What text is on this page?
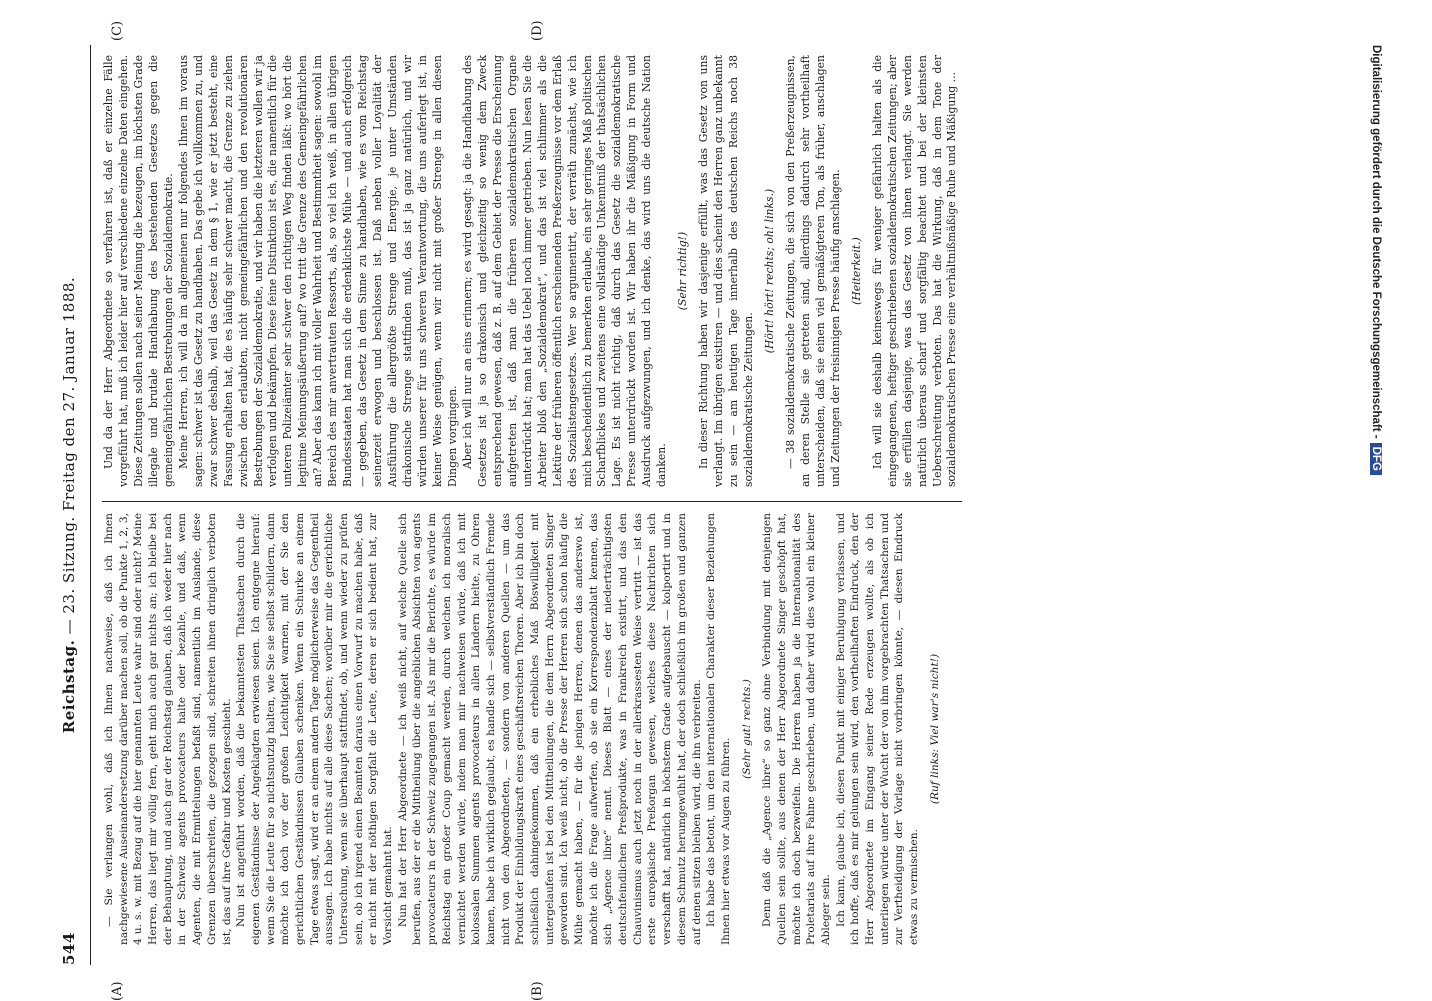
544
Reichstag. — 23. Sitzung. Freitag den 27. Januar 1888.
(A)	(B)
(C)	(D)

— Sie verlangen wohl, daß ich Ihnen nachweise, daß ich Ihnen nachgewiesene Auseinandersetzung darüber machen soll, ob die Punkte 1, 2, 3, 4 u. s. w. mit Bezug auf die hier genannten Leute wahr sind oder nicht? Meine Herren, das liegt mir völlig fern, geht mich auch gar nichts an; ich bleibe bei der Behauptung, und auch gar der Reichstag glauben, daß ich weder hier nach in der Schweiz agents provocateurs halte oder bezahle, und daß, wenn Agenten, die mit Ermittelungen befaßt sind, namentlich im Auslande, diese Grenzen überschreiten, die gezogen sind, schreiten ihnen dringlich verboten ist, das auf ihre Gefahr und Kosten geschieht. Nun ist angeführt worden, daß die bekanntesten Thatsachen durch die eigenen Geständnisse der Angeklagten erwiesen seien. Ich entgegne hierauf: wenn Sie die Leute für so nichtsnutzig halten, wie Sie sie selbst schildern, dann möchte ich doch vor der großen Leichtigkeit warnen, mit der Sie den gerichtlichen Geständnissen Glauben schenken. Wenn ein Schurke an einem Tage etwas sagt, wird er an einem andern Tage möglicherweise das Gegentheil aussagen. Ich habe nichts auf alle diese Sachen; worüber mir die gerichtliche Untersuchung, wenn sie überhaupt stattfindet, ob, und wenn wieder zu prüfen sein, ob ich irgend einen Beamten daraus einen Vorwurf zu machen habe, daß er nicht mit der nöthigen Sorgfalt die Leute, deren er sich bedient hat, zur Vorsicht gemahnt hat. Nun hat der Herr Abgeordnete — ich weiß nicht, auf welche Quelle sich berufen, aus der er die Mittheilung über die angeblichen Absichten von agents provocateurs in der Schweiz zugegangen ist. Als mir die Berichte, es würde im Reichstag ein großer Coup gemacht werden, durch welchen ich moralisch vernichtet werden würde, indem man mir nachweisen würde, daß ich mit kolossalen Summen agents provocateurs in allen Ländern hielte, zu Ohren kamen, habe ich wirklich geglaubt, es handle sich — selbstverständlich Fremde nicht von den Abgeordneten, — sondern von anderen Quellen — um das Produkt der Einbildungskraft eines geschäftsreichen Thoren. Aber ich bin doch schließlich dahingekommen, daß ein erhebliches Maß Böswilligkeit mit untergelaufen ist bei den Mittheilungen, die dem Herrn Abgeordneten Singer geworden sind. Ich weiß nicht, ob die Presse der Herren sich schon häufig die Mühe gemacht haben, — für die jenigen Herren, denen das anderswo ist, möchte ich die Frage aufwerfen, ob sie ein Korrespondenzblatt kennen, das sich „Agence libre“ nennt. Dieses Blatt — eines der niederträchtigsten deutschfeindlichen Preßprodukte, was in Frankreich existirt, und das den Chauvinismus auch jetzt noch in der allerkrassesten Weise vertritt — ist das erste europäische Preßorgan gewesen, welches diese Nachrichten sich verschafft hat, natürlich in höchstem Grade aufgebauscht — kolportirt und in diesem Schmutz herumgewühlt hat, der doch schließlich im großen und ganzen auf denen sitzen bleiben wird, die ihn verbreiten. Ich habe das betont, um den internationalen Charakter dieser Beziehungen Ihnen hier etwas vor Augen zu führen.

(Sehr gut! rechts.) Denn daß die „Agence libre“ so ganz ohne Verbindung mit denjenigen Quellen sein sollte, aus denen der Herr Abgeordnete Singer geschöpft hat, möchte ich doch bezweifeln. Die Herren haben ja die Internationalität des Proletariats auf ihre Fahne geschrieben, und daher wird dies wohl ein kleiner Ableger sein. Ich kann, glaube ich, diesen Punkt mit einiger Beruhigung verlassen, und ich hoffe, daß es mir gelungen sein wird, den vortheilhaften Eindruck, den der Herr Abgeordnete im Eingang seiner Rede erzeugen wollte, als ob ich unterliegen würde unter der Wucht der von ihm vorgebrachten Thatsachen und zur Vertheidigung der Vorlage nicht vorbringen könnte, — diesen Eindruck etwas zu vermischen.

(Ruf links: Viel war's nicht!)

Und da der Herr Abgeordnete so verfahren ist, daß er einzelne Fälle vorgeführt hat, muß ich leider hier auf verschiedene einzelne Daten eingehen. Diese Zeitungen sollen nach seiner Meinung die bezeugen, im höchsten Grade illegale und brutale Handhabung des bestehenden Gesetzes gegen die gemeingefährlichen Bestrebungen der Sozialdemokratie. Meine Herren, ich will da im allgemeinen nur folgendes Ihnen im voraus sagen: schwer ist das Gesetz zu handhaben. Das gebe ich vollkommen zu, und zwar schwer deshalb, weil das Gesetz in dem § 1, wie er jetzt besteht, eine Fassung erhalten hat, die es häufig sehr schwer macht, die Grenze zu ziehen zwischen den erlaubten, nicht gemeingefährlichen und den revolutionären Bestrebungen der Sozialdemokratie, und wir haben die letzteren wollen wir ja verfolgen und bekämpfen. Diese feine Distinktion ist es, die namentlich für die unteren Polizeiämter sehr schwer den richtigen Weg finden läßt: wo hört die legitime Meinungsäußerung auf? wo tritt die Grenze des Gemeingefährlichen an? Aber das kann ich mit voller Wahrheit und Bestimmtheit sagen: sowohl im Bereich des mir anvertrauten Ressorts, als, so viel ich weiß, in allen übrigen Bundesstaaten hat man sich die erdenklichste Mühe — und auch erfolgreich — gegeben, das Gesetz in dem Sinne zu handhaben, wie es vom Reichstag seinerzeit erwogen und beschlossen ist. Daß neben voller Loyalität der Ausführung die allergrößte Strenge und Energie, je unter Umständen drakonische Strenge stattfinden muß, das ist ja ganz natürlich, und wir würden unserer für uns schweren Verantwortung, die uns auferlegt ist, in keiner Weise genügen, wenn wir nicht mit großer Strenge in allen diesen Dingen vorgingen. Aber ich will nur an eins erinnern; es wird gesagt: ja die Handhabung des Gesetzes ist ja so drakonisch und gleichzeitig so wenig dem Zweck entsprechend gewesen, daß z. B. auf dem Gebiet der Presse die Erscheinung aufgetreten ist, daß man die früheren sozialdemokratischen Organe unterdrückt hat; man hat das Uebel noch immer getrieben. Nun lesen Sie die Arbeiter bloß den „Sozialdemokrat“, und das ist viel schlimmer als die Lektüre der früheren öffentlich erscheinenden Preßerzeugnisse vor dem Erlaß des Sozialistengesetzes. Wer so argumentirt, der verräth zunächst, wie ich mich bescheidentlich zu bemerken erlaube, ein sehr geringes Maß politischen Scharfblickes und zweitens eine vollständige Unkenntniß der thatsächlichen Lage. Es ist nicht richtig, daß durch das Gesetz die sozialdemokratische Presse unterdrückt worden ist. Wir haben ihr die Mäßigung in Form und Ausdruck aufgezwungen, und ich denke, das wird uns die deutsche Nation danken.

(Sehr richtig!) In dieser Richtung haben wir dasjenige erfüllt, was das Gesetz von uns verlangt. Im übrigen existiren — und dies scheint den Herren ganz unbekannt zu sein — am heutigen Tage innerhalb des deutschen Reichs noch 38 sozialdemokratische Zeitungen.

(Hört! hört! rechts; oh! links.) — 38 sozialdemokratische Zeitungen, die sich von den Preßerzeugnissen, an deren Stelle sie getreten sind, allerdings dadurch sehr vortheilhaft unterscheiden, daß sie einen viel gemäßigteren Ton, als früher, anschlagen und Zeitungen der freisinnigen Presse häufig anschlagen. (Heiterkeit.) Ich will sie deshalb keineswegs für weniger gefährlich halten als die eingegangenen, heftiger geschriebenen sozialdemokratischen Zeitungen; aber sie erfüllen dasjenige, was das Gesetz von ihnen verlangt. Sie werden natürlich überaus scharf und sorgfältig beachtet und bei der kleinsten Ueberschreitung verboten. Das hat die Wirkung, daß in dem Tone der sozialdemokratischen Presse eine verhältnißmäßige Ruhe und Mäßigung ...	Digitalisierung gefördert durch die Deutsche Forschungsgemeinschaft -DFG
